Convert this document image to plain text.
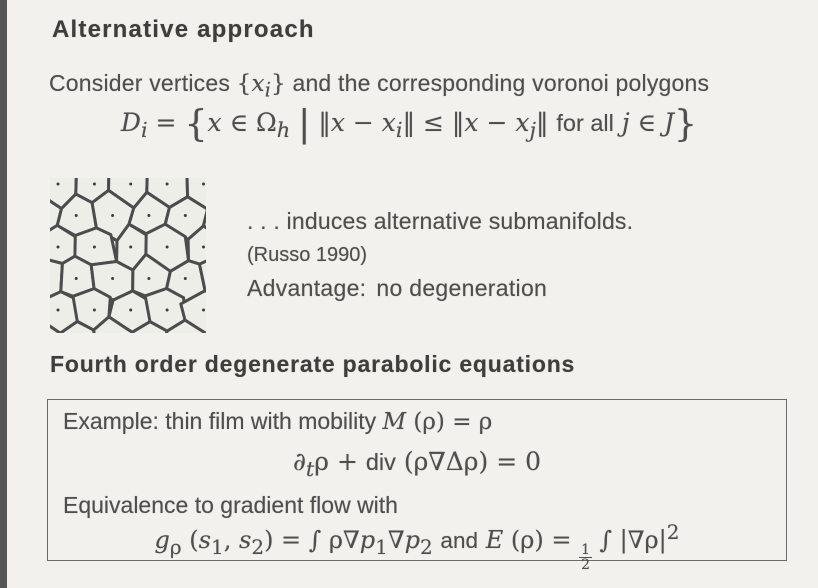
Alternative approach
Consider vertices $\{x_i\}$ and the corresponding voronoi polygons
$D_i = \{x$ ∈ $\Omega_h$ | ‖x − $x_i‖$ ≤ ‖x − $x_j‖$ for all j ∈ J}
. . . induces alternative submanifolds.
(Russo 1990)
Advantage: no degeneration
Fourth order degenerate parabolic equations
Example: thin film with mobility M (ρ) = ρ
$\partial_t\rho$ + div (ρ∇Δρ) = 0
Equivalence to gradient flow with
$g_\rho$ ($s_1$, $s_2$) = ∫ $\rho\nabla p_1\nabla p_2$ and E (ρ) =
$\frac{1}{2}$
∫ $|\nabla\rho|^2$
